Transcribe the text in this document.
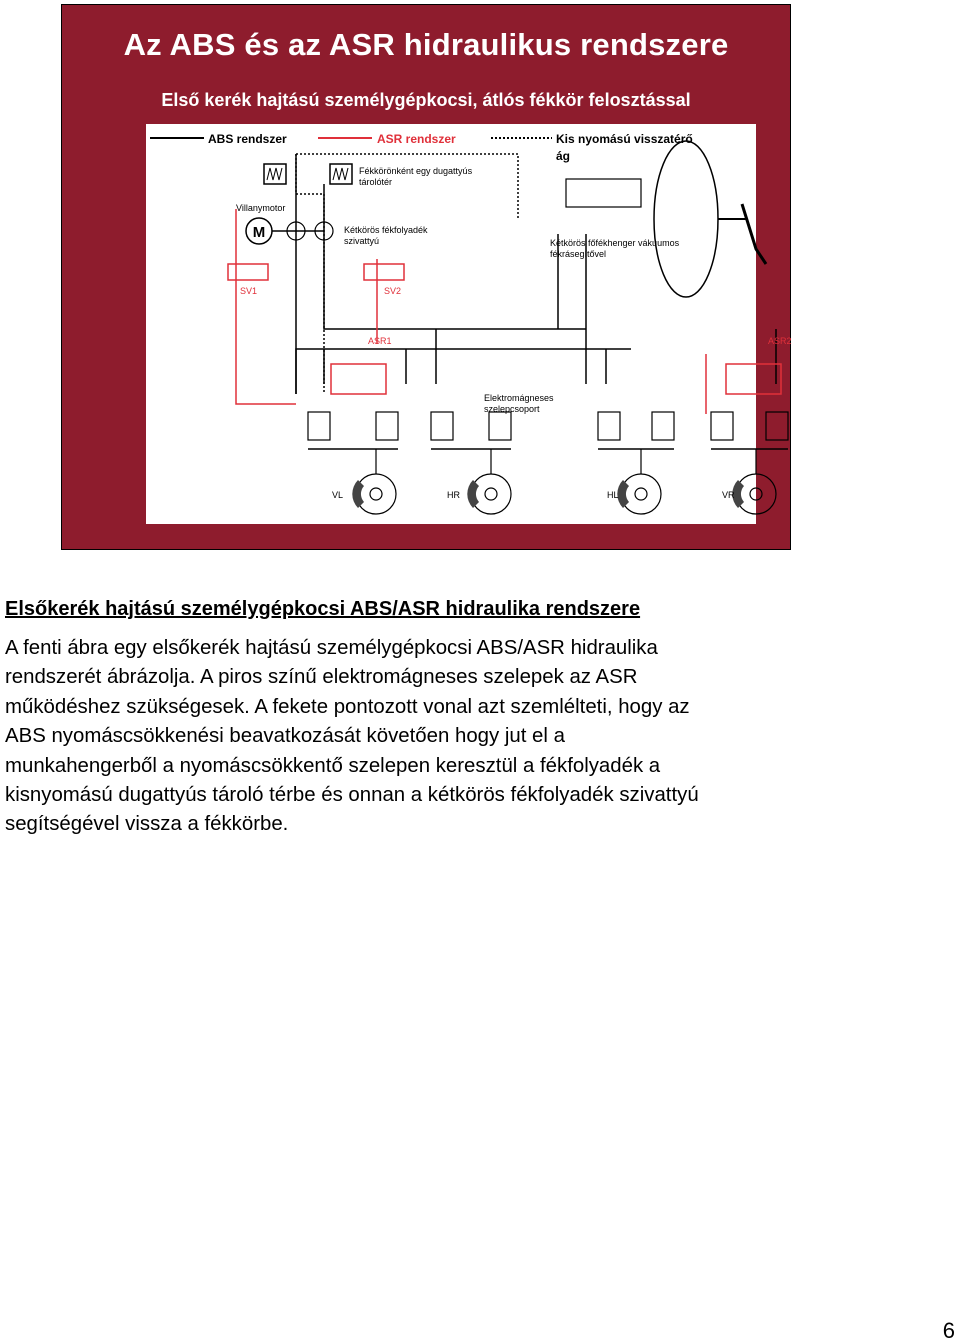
Az ABS és az ASR hidraulikus rendszere
Első kerék hajtású személygépkocsi, átlós fékkör felosztással
ABS rendszer	ASR rendszer	Kis nyomású visszatérő
ág
Fékkörönként egy dugattyús
tárolótér
Villanymotor
M	Kétkörös fékfolyadék
szivattyú
SV1	SV2
ASR1	ASR2
Kétkörös főfékhenger vákuumos
fékrásegítővel
Elektromágneses
szelepcsoport
VL	HR	HL	VR
Elsőkerék hajtású személygépkocsi ABS/ASR hidraulika rendszere

A fenti ábra egy elsőkerék hajtású személygépkocsi ABS/ASR hidraulika
rendszerét ábrázolja. A piros színű elektromágneses szelepek az ASR
működéshez szükségesek. A fekete pontozott vonal azt szemlélteti, hogy az
ABS nyomáscsökkenési beavatkozását követően hogy jut el a
munkahengerből a nyomáscsökkentő szelepen keresztül a fékfolyadék a
kisnyomású dugattyús tároló térbe és onnan a kétkörös fékfolyadék szivattyú
segítségével vissza a fékkörbe.

6
